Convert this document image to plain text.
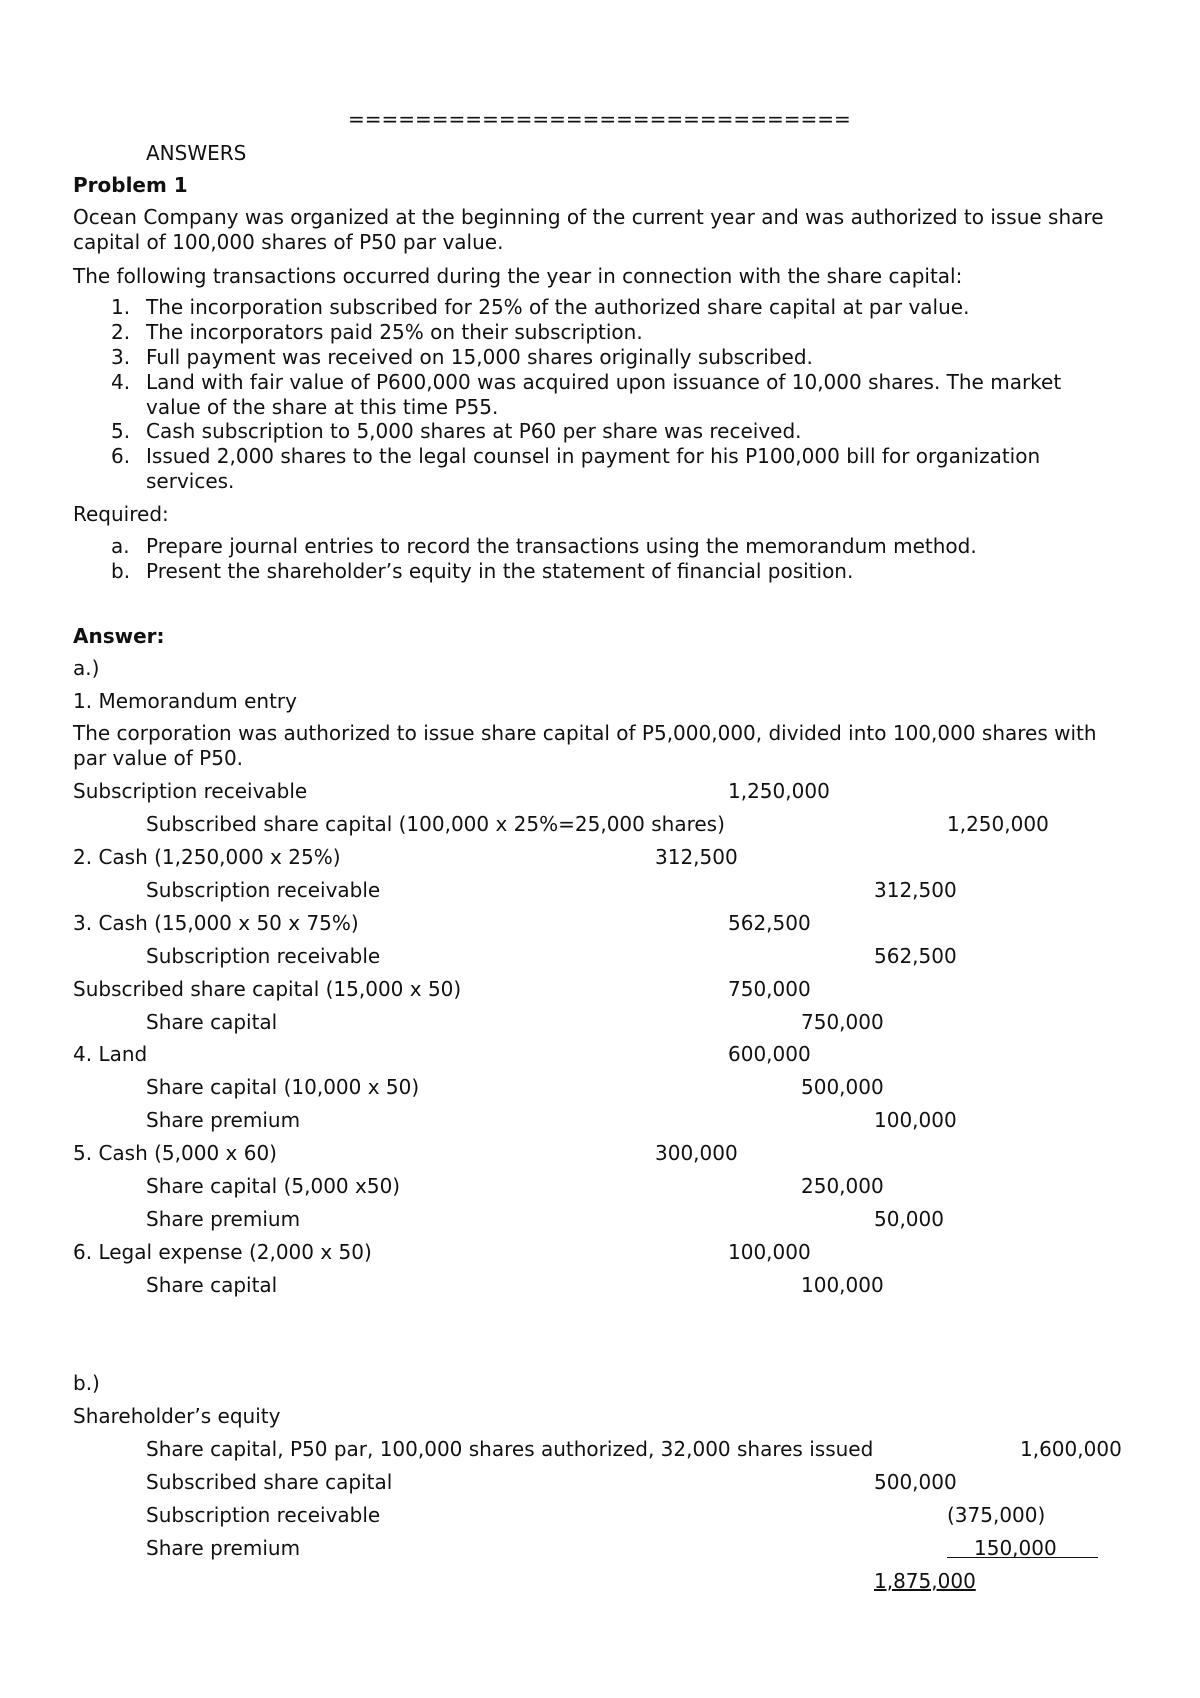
==============================
ANSWERS
Problem 1
Ocean Company was organized at the beginning of the current year and was authorized to issue share
capital of 100,000 shares of P50 par value.
The following transactions occurred during the year in connection with the share capital:
1. The incorporation subscribed for 25% of the authorized share capital at par value.
2. The incorporators paid 25% on their subscription.
3. Full payment was received on 15,000 shares originally subscribed.
4. Land with fair value of P600,000 was acquired upon issuance of 10,000 shares. The market
value of the share at this time P55.
5. Cash subscription to 5,000 shares at P60 per share was received.
6. Issued 2,000 shares to the legal counsel in payment for his P100,000 bill for organization
services.
Required:
a. Prepare journal entries to record the transactions using the memorandum method.
b. Present the shareholder’s equity in the statement of financial position.
Answer:
a.)
1. Memorandum entry
The corporation was authorized to issue share capital of P5,000,000, divided into 100,000 shares with
par value of P50.
Subscription receivable	1,250,000
Subscribed share capital (100,000 x 25%=25,000 shares)	1,250,000
2. Cash (1,250,000 x 25%)	312,500
Subscription receivable	312,500
3. Cash (15,000 x 50 x 75%)	562,500
Subscription receivable	562,500
Subscribed share capital (15,000 x 50)	750,000
Share capital	750,000
4. Land	600,000
Share capital (10,000 x 50)	500,000
Share premium	100,000
5. Cash (5,000 x 60)	300,000
Share capital (5,000 x50)	250,000
Share premium	50,000
6. Legal expense (2,000 x 50)	100,000
Share capital	100,000
b.)
Shareholder’s equity
Share capital, P50 par, 100,000 shares authorized, 32,000 shares issued	1,600,000
Subscribed share capital	500,000
Subscription receivable	(375,000)
Share premium	150,000
1,875,000
